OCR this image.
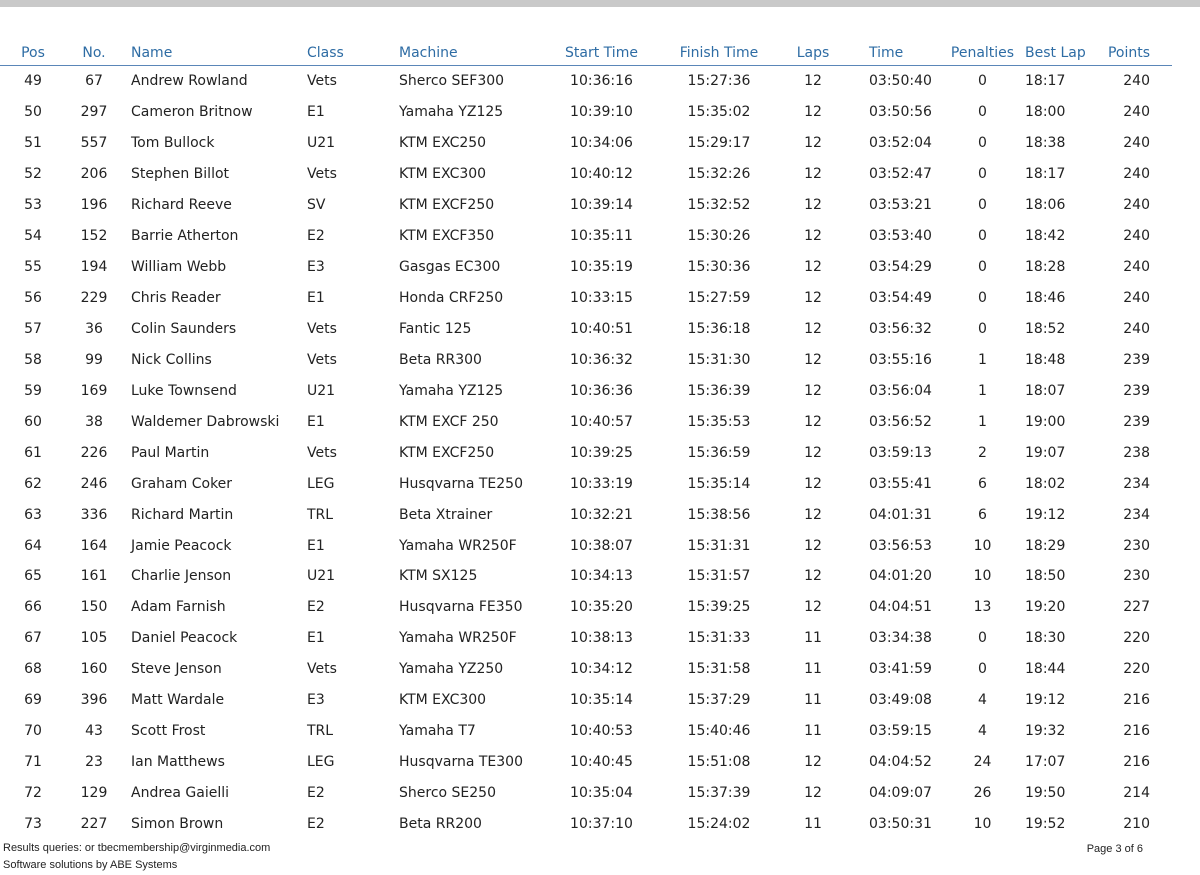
Pos	No.	Name	Class	Machine	Start Time	Finish Time	Laps	Time	Penalties	Best Lap	Points
49	67	Andrew Rowland	Vets	Sherco SEF300	10:36:16	15:27:36	12	03:50:40	0	18:17	240
50	297	Cameron Britnow	E1	Yamaha YZ125	10:39:10	15:35:02	12	03:50:56	0	18:00	240
51	557	Tom Bullock	U21	KTM EXC250	10:34:06	15:29:17	12	03:52:04	0	18:38	240
52	206	Stephen Billot	Vets	KTM EXC300	10:40:12	15:32:26	12	03:52:47	0	18:17	240
53	196	Richard Reeve	SV	KTM EXCF250	10:39:14	15:32:52	12	03:53:21	0	18:06	240
54	152	Barrie Atherton	E2	KTM EXCF350	10:35:11	15:30:26	12	03:53:40	0	18:42	240
55	194	William Webb	E3	Gasgas EC300	10:35:19	15:30:36	12	03:54:29	0	18:28	240
56	229	Chris Reader	E1	Honda CRF250	10:33:15	15:27:59	12	03:54:49	0	18:46	240
57	36	Colin Saunders	Vets	Fantic 125	10:40:51	15:36:18	12	03:56:32	0	18:52	240
58	99	Nick Collins	Vets	Beta RR300	10:36:32	15:31:30	12	03:55:16	1	18:48	239
59	169	Luke Townsend	U21	Yamaha YZ125	10:36:36	15:36:39	12	03:56:04	1	18:07	239
60	38	Waldemer Dabrowski	E1	KTM EXCF 250	10:40:57	15:35:53	12	03:56:52	1	19:00	239
61	226	Paul Martin	Vets	KTM EXCF250	10:39:25	15:36:59	12	03:59:13	2	19:07	238
62	246	Graham Coker	LEG	Husqvarna TE250	10:33:19	15:35:14	12	03:55:41	6	18:02	234
63	336	Richard Martin	TRL	Beta Xtrainer	10:32:21	15:38:56	12	04:01:31	6	19:12	234
64	164	Jamie Peacock	E1	Yamaha WR250F	10:38:07	15:31:31	12	03:56:53	10	18:29	230
65	161	Charlie Jenson	U21	KTM SX125	10:34:13	15:31:57	12	04:01:20	10	18:50	230
66	150	Adam Farnish	E2	Husqvarna FE350	10:35:20	15:39:25	12	04:04:51	13	19:20	227
67	105	Daniel Peacock	E1	Yamaha WR250F	10:38:13	15:31:33	11	03:34:38	0	18:30	220
68	160	Steve Jenson	Vets	Yamaha YZ250	10:34:12	15:31:58	11	03:41:59	0	18:44	220
69	396	Matt Wardale	E3	KTM EXC300	10:35:14	15:37:29	11	03:49:08	4	19:12	216
70	43	Scott Frost	TRL	Yamaha T7	10:40:53	15:40:46	11	03:59:15	4	19:32	216
71	23	Ian Matthews	LEG	Husqvarna TE300	10:40:45	15:51:08	12	04:04:52	24	17:07	216
72	129	Andrea Gaielli	E2	Sherco SE250	10:35:04	15:37:39	12	04:09:07	26	19:50	214
73	227	Simon Brown	E2	Beta RR200	10:37:10	15:24:02	11	03:50:31	10	19:52	210
Results queries: or tbecmembership@virginmedia.com
Software solutions by ABE Systems
Page 3 of 6
